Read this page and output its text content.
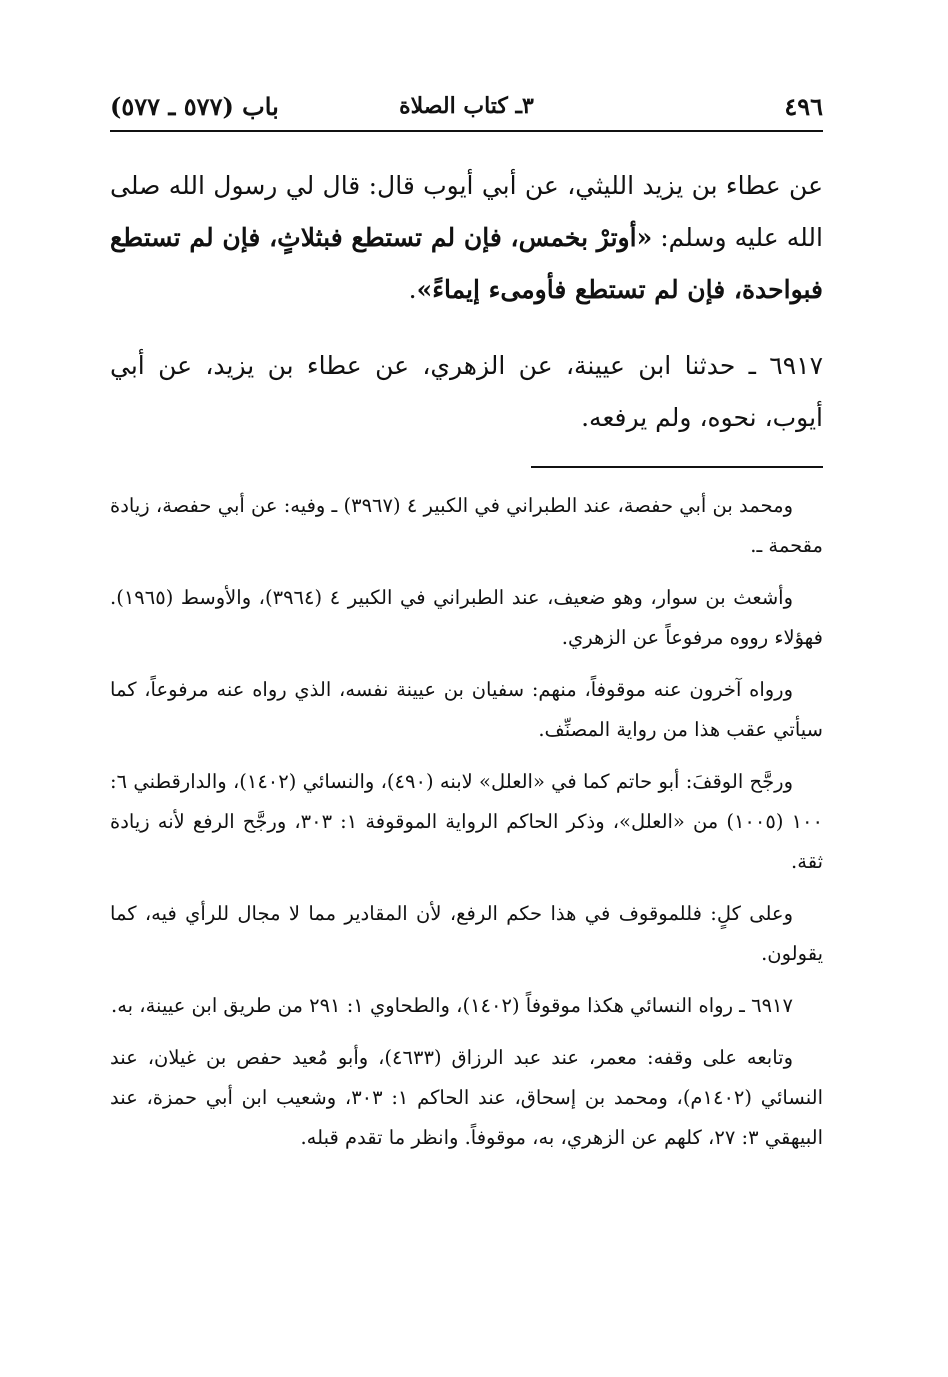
٤٩٦
٣ـ كتاب الصلاة
باب (٥٧٧ ـ ٥٧٧)

عن عطاء بن يزيد الليثي، عن أبي أيوب قال: قال لي رسول الله صلى الله عليه وسلم: «أوترْ بخمس، فإن لم تستطع فبثلاثٍ، فإن لم تستطع فبواحدة، فإن لم تستطع فأومىء إيماءً».

٦٩١٧ ـ حدثنا ابن عيينة، عن الزهري، عن عطاء بن يزيد، عن أبي أيوب، نحوه، ولم يرفعه.

ومحمد بن أبي حفصة، عند الطبراني في الكبير ٤ (٣٩٦٧) ـ وفيه: عن أبي حفصة، زيادة مقحمة ـ.

وأشعث بن سوار، وهو ضعيف، عند الطبراني في الكبير ٤ (٣٩٦٤)، والأوسط (١٩٦٥). فهؤلاء رووه مرفوعاً عن الزهري.

ورواه آخرون عنه موقوفاً، منهم: سفيان بن عيينة نفسه، الذي رواه عنه مرفوعاً، كما سيأتي عقب هذا من رواية المصنِّف.

ورجَّح الوقفَ: أبو حاتم كما في «العلل» لابنه (٤٩٠)، والنسائي (١٤٠٢)، والدارقطني ٦: ١٠٠ (١٠٠٥) من «العلل»، وذكر الحاكم الرواية الموقوفة ١: ٣٠٣، ورجَّح الرفع لأنه زيادة ثقة.

وعلى كلٍ: فللموقوف في هذا حكم الرفع، لأن المقادير مما لا مجال للرأي فيه، كما يقولون.

٦٩١٧ ـ رواه النسائي هكذا موقوفاً (١٤٠٢)، والطحاوي ١: ٢٩١ من طريق ابن عيينة، به.

وتابعه على وقفه: معمر، عند عبد الرزاق (٤٦٣٣)، وأبو مُعيد حفص بن غيلان، عند النسائي (١٤٠٢م)، ومحمد بن إسحاق، عند الحاكم ١: ٣٠٣، وشعيب ابن أبي حمزة، عند البيهقي ٣: ٢٧، كلهم عن الزهري، به، موقوفاً. وانظر ما تقدم قبله.
